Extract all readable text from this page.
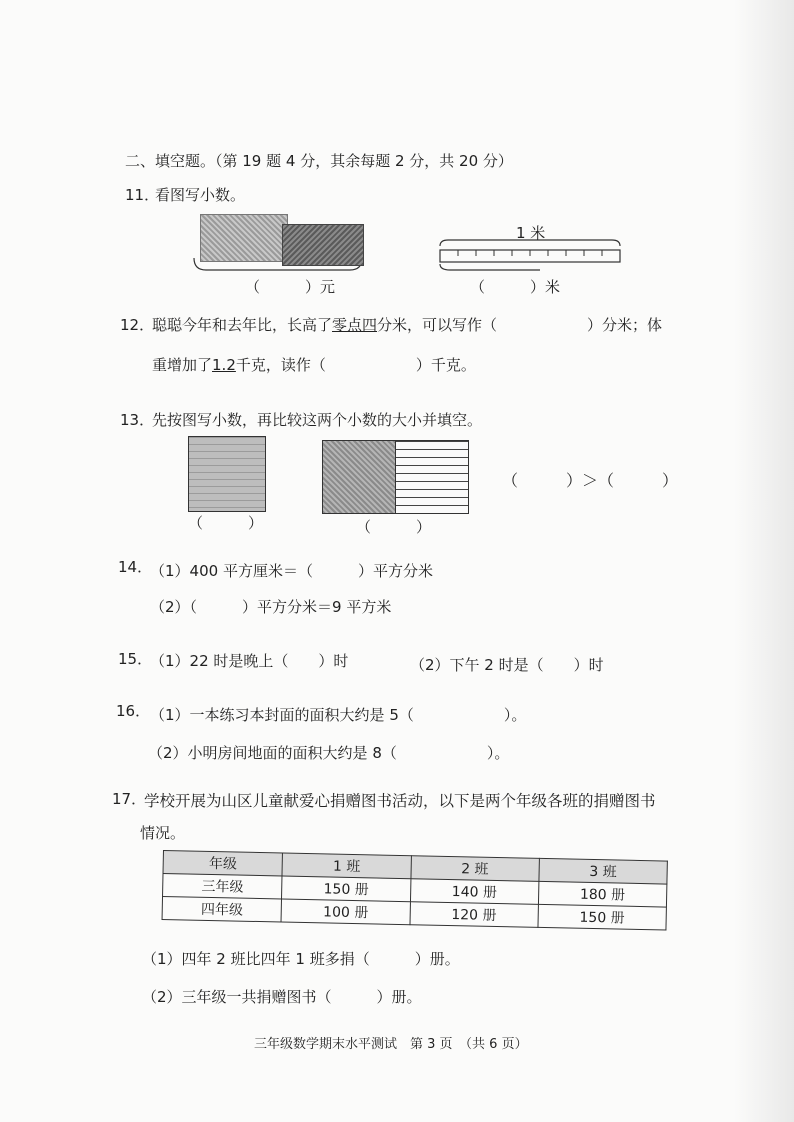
二、填空题。（第 19 题 4 分，其余每题 2 分，共 20 分）
11．
看图写小数。
（　　　）元
1 米
（　　　）米
12．
聪聪今年和去年比，长高了零点四分米，可以写作（　　　　　　）分米；体
重增加了1.2千克，读作（　　　　　　）千克。
13．
先按图写小数，再比较这两个小数的大小并填空。
（　　　）	（　　　）
（　　　）＞（　　　）
14．
（1）400 平方厘米＝（　　　）平方分米
（2）（　　　）平方分米＝9 平方米
15．
（1）22 时是晚上（　　）时	（2）下午 2 时是（　　）时
16． （1）一本练习本封面的面积大约是 5（　　　　　　）。
（2）小明房间地面的面积大约是 8（　　　　　　）。
17．
学校开展为山区儿童献爱心捐赠图书活动，以下是两个年级各班的捐赠图书
情况。
年级	1 班	2 班	3 班
三年级	150 册	140 册	180 册
四年级	100 册	120 册	150 册
（1）四年 2 班比四年 1 班多捐（　　　）册。
（2）三年级一共捐赠图书（　　　）册。
三年级数学期末水平测试　第 3 页　（共 6 页）
